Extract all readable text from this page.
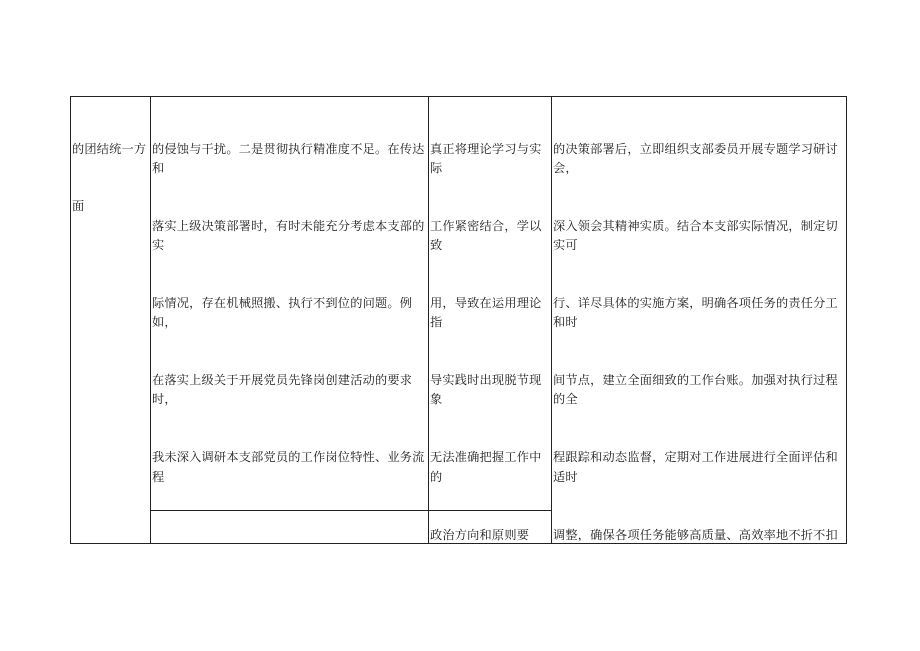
的团结统一方

面

的侵蚀与干扰。二是贯彻执行精准度不足。在传达和

落实上级决策部署时，有时未能充分考虑本支部的实

际情况，存在机械照搬、执行不到位的问题。例如，

在落实上级关于开展党员先锋岗创建活动的要求时，

我未深入调研本支部党员的工作岗位特性、业务流程

真正将理论学习与实际

工作紧密结合，学以致

用，导致在运用理论指

导实践时出现脱节现象

无法准确把握工作中的

政治方向和原则要

的决策部署后，立即组织支部委员开展专题学习研讨会，

深入领会其精神实质。结合本支部实际情况，制定切实可

行、详尽具体的实施方案，明确各项任务的责任分工和时

间节点，建立全面细致的工作台账。加强对执行过程的全

程跟踪和动态监督，定期对工作进展进行全面评估和适时

调整，确保各项任务能够高质量、高效率地不折不扣
